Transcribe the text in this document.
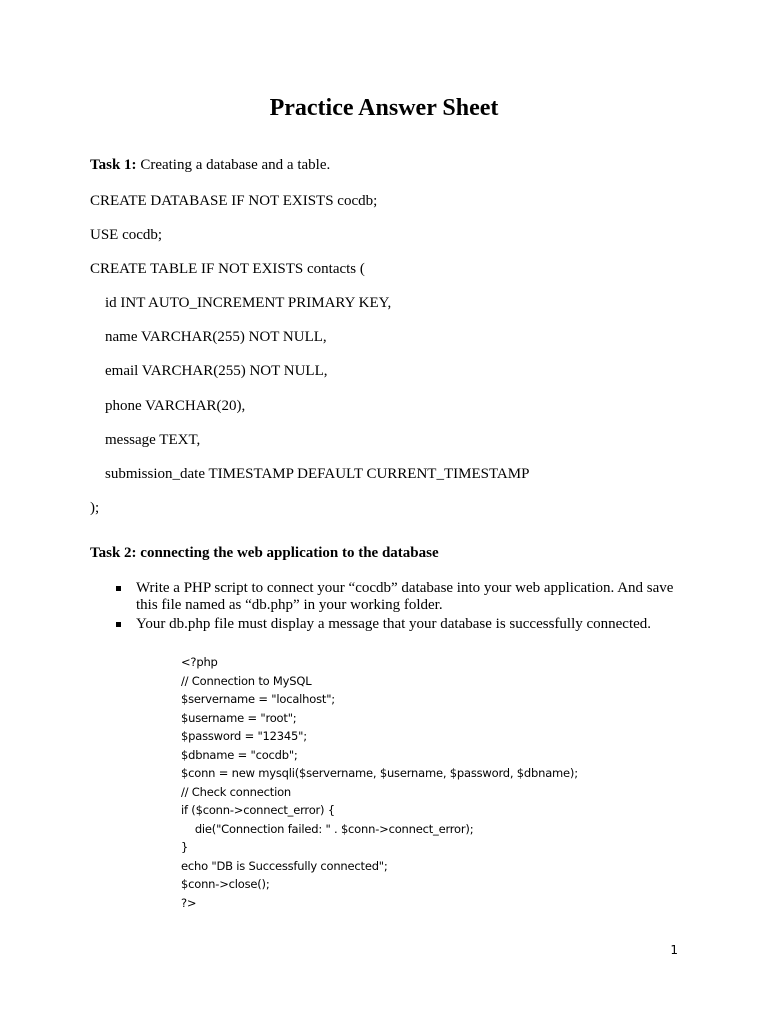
Practice Answer Sheet
Task 1: Creating a database and a table.
CREATE DATABASE IF NOT EXISTS cocdb;
USE cocdb;
CREATE TABLE IF NOT EXISTS contacts (
id INT AUTO_INCREMENT PRIMARY KEY,
name VARCHAR(255) NOT NULL,
email VARCHAR(255) NOT NULL,
phone VARCHAR(20),
message TEXT,
submission_date TIMESTAMP DEFAULT CURRENT_TIMESTAMP
);
Task 2: connecting the web application to the database
Write a PHP script to connect your “cocdb” database into your web application. And save this file named as “db.php” in your working folder.
Your db.php file must display a message that your database is successfully connected.
<?php
// Connection to MySQL
$servername = "localhost";
$username = "root";
$password = "12345";
$dbname = "cocdb";
$conn = new mysqli($servername, $username, $password, $dbname);
// Check connection
if ($conn->connect_error) {
die("Connection failed: " . $conn->connect_error);
}
echo "DB is Successfully connected";
$conn->close();
?>
1
